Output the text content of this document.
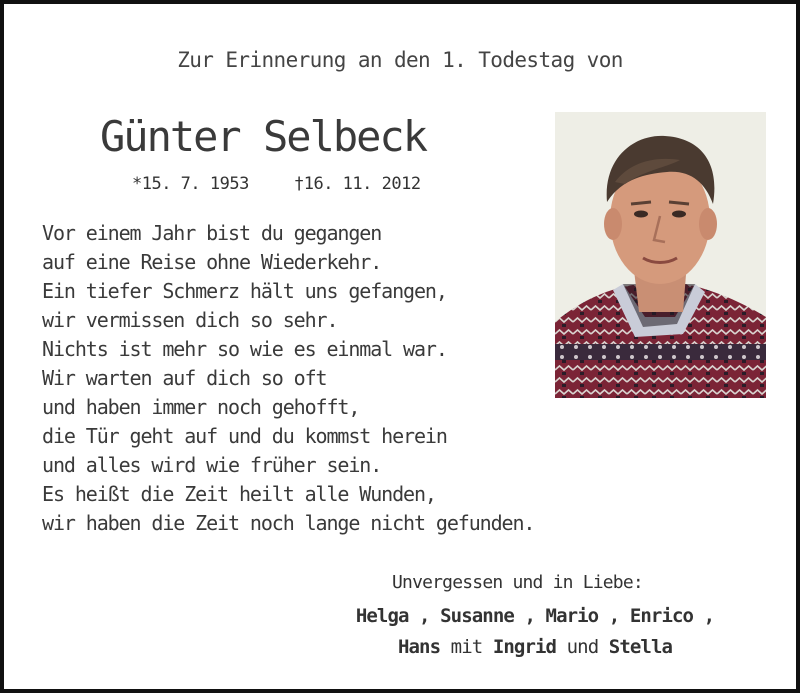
Zur Erinnerung an den 1. Todestag von
Günter Selbeck
*15. 7. 1953	†16. 11. 2012
Vor einem Jahr bist du gegangen
auf eine Reise ohne Wiederkehr.
Ein tiefer Schmerz hält uns gefangen,
wir vermissen dich so sehr.
Nichts ist mehr so wie es einmal war.
Wir warten auf dich so oft
und haben immer noch gehofft,
die Tür geht auf und du kommst herein
und alles wird wie früher sein.
Es heißt die Zeit heilt alle Wunden,
wir haben die Zeit noch lange nicht gefunden.
Unvergessen und in Liebe:
Helga , Susanne , Mario , Enrico ,
Hans mit Ingrid und Stella
